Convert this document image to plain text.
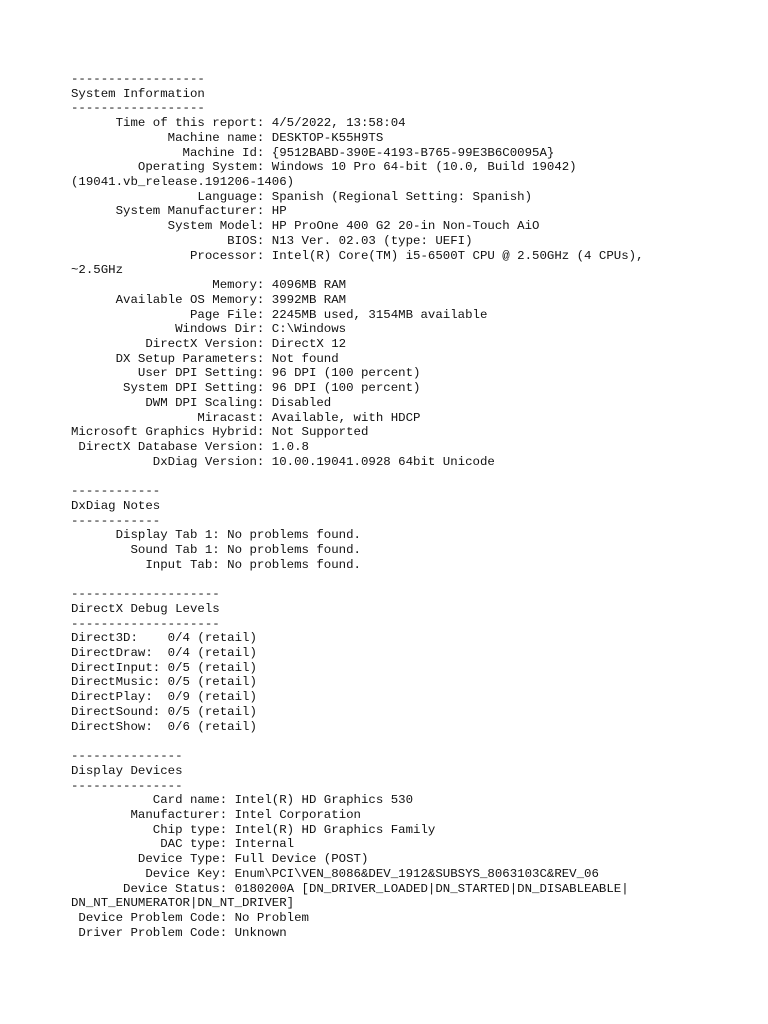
------------------
System Information
------------------
Time of this report: 4/5/2022, 13:58:04
Machine name: DESKTOP-K55H9TS
Machine Id: {9512BABD-390E-4193-B765-99E3B6C0095A}
Operating System: Windows 10 Pro 64-bit (10.0, Build 19042)
(19041.vb_release.191206-1406)
Language: Spanish (Regional Setting: Spanish)
System Manufacturer: HP
System Model: HP ProOne 400 G2 20-in Non-Touch AiO
BIOS: N13 Ver. 02.03 (type: UEFI)
Processor: Intel(R) Core(TM) i5-6500T CPU @ 2.50GHz (4 CPUs),
~2.5GHz
Memory: 4096MB RAM
Available OS Memory: 3992MB RAM
Page File: 2245MB used, 3154MB available
Windows Dir: C:\Windows
DirectX Version: DirectX 12
DX Setup Parameters: Not found
User DPI Setting: 96 DPI (100 percent)
System DPI Setting: 96 DPI (100 percent)
DWM DPI Scaling: Disabled
Miracast: Available, with HDCP
Microsoft Graphics Hybrid: Not Supported
DirectX Database Version: 1.0.8
DxDiag Version: 10.00.19041.0928 64bit Unicode
------------
DxDiag Notes
------------
Display Tab 1: No problems found.
Sound Tab 1: No problems found.
Input Tab: No problems found.
--------------------
DirectX Debug Levels
--------------------
Direct3D:    0/4 (retail)
DirectDraw:  0/4 (retail)
DirectInput: 0/5 (retail)
DirectMusic: 0/5 (retail)
DirectPlay:  0/9 (retail)
DirectSound: 0/5 (retail)
DirectShow:  0/6 (retail)
---------------
Display Devices
---------------
Card name: Intel(R) HD Graphics 530
Manufacturer: Intel Corporation
Chip type: Intel(R) HD Graphics Family
DAC type: Internal
Device Type: Full Device (POST)
Device Key: Enum\PCI\VEN_8086&DEV_1912&SUBSYS_8063103C&REV_06
Device Status: 0180200A [DN_DRIVER_LOADED|DN_STARTED|DN_DISABLEABLE|
DN_NT_ENUMERATOR|DN_NT_DRIVER]
Device Problem Code: No Problem
Driver Problem Code: Unknown
